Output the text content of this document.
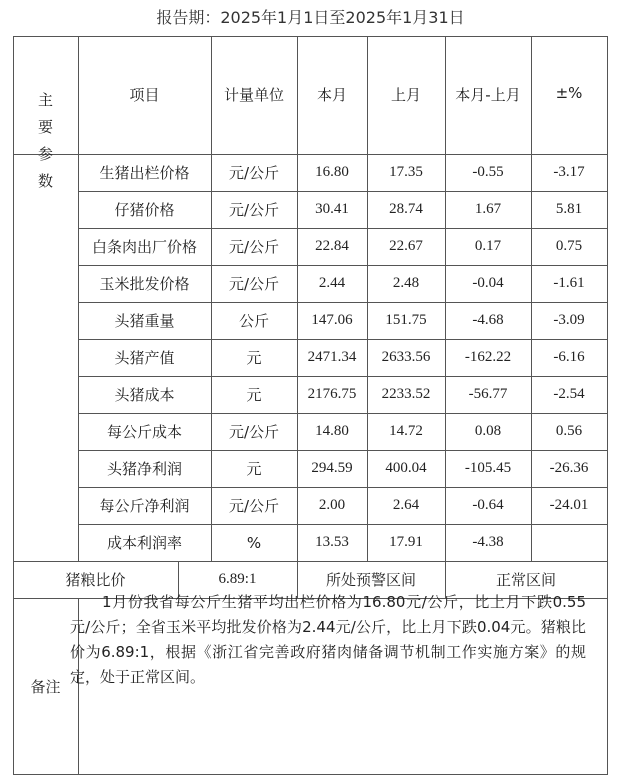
报告期：2025年1月1日至2025年1月31日
主要参数
项目	计量单位	本月	上月	本月-上月	±%
生猪出栏价格	元/公斤	16.80	17.35	-0.55	-3.17
仔猪价格	元/公斤	30.41	28.74	1.67	5.81
白条肉出厂价格	元/公斤	22.84	22.67	0.17	0.75
玉米批发价格	元/公斤	2.44	2.48	-0.04	-1.61
头猪重量	公斤	147.06	151.75	-4.68	-3.09
头猪产值	元	2471.34	2633.56	-162.22	-6.16
头猪成本	元	2176.75	2233.52	-56.77	-2.54
每公斤成本	元/公斤	14.80	14.72	0.08	0.56
头猪净利润	元	294.59	400.04	-105.45	-26.36
每公斤净利润	元/公斤	2.00	2.64	-0.64	-24.01
成本利润率	%	13.53	17.91	-4.38
猪粮比价	6.89:1	所处预警区间	正常区间
备注
1月份我省每公斤生猪平均出栏价格为16.80元/公斤，比上月下跌0.55元/公斤；全省玉米平均批发价格为2.44元/公斤，比上月下跌0.04元。猪粮比价为6.89:1，根据《浙江省完善政府猪肉储备调节机制工作实施方案》的规定，处于正常区间。
